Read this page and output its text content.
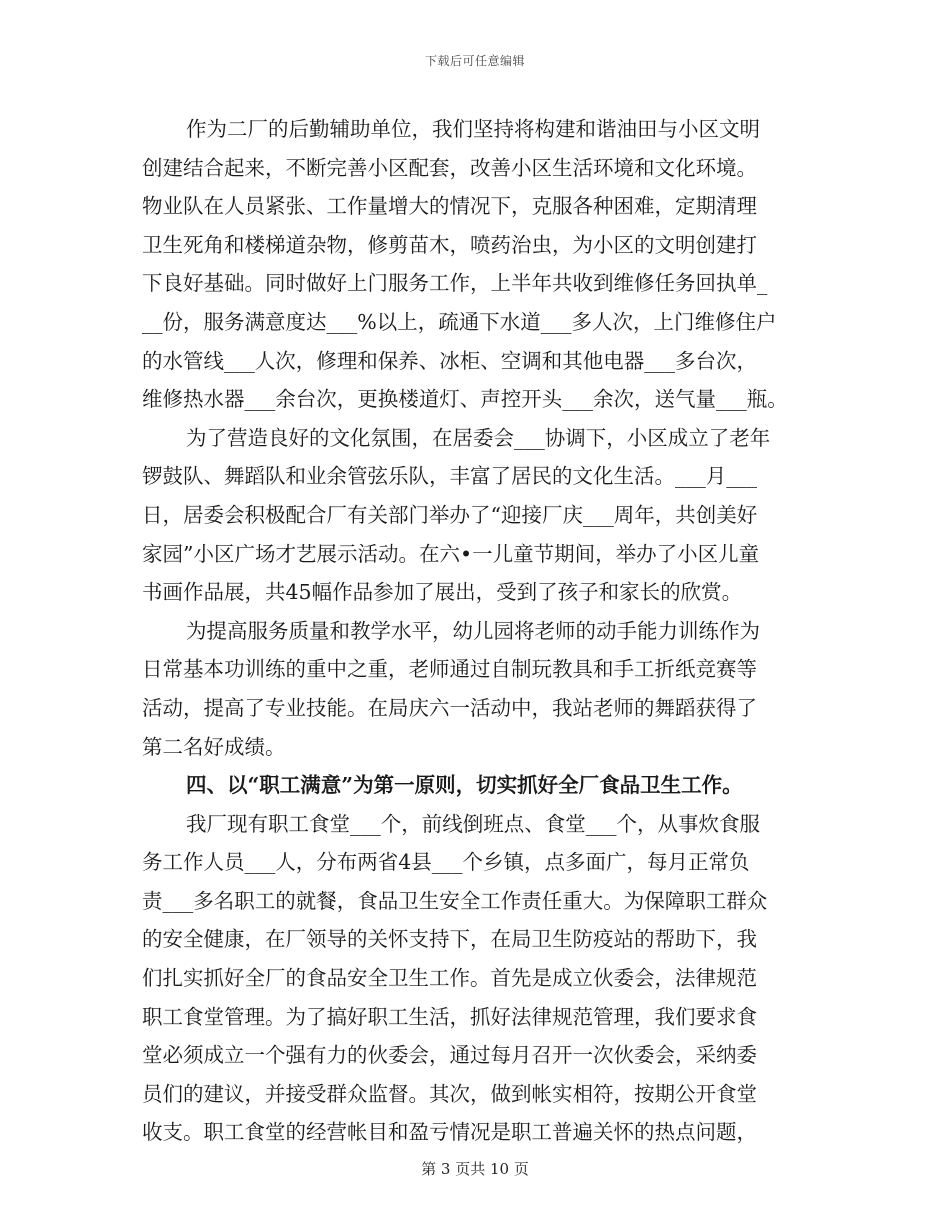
下载后可任意编辑
作为二厂的后勤辅助单位，我们坚持将构建和谐油田与小区文明
创建结合起来，不断完善小区配套，改善小区生活环境和文化环境。
物业队在人员紧张、工作量增大的情况下，克服各种困难，定期清理
卫生死角和楼梯道杂物，修剪苗木，喷药治虫，为小区的文明创建打
下良好基础。同时做好上门服务工作，上半年共收到维修任务回执单_
__份，服务满意度达___%以上，疏通下水道___多人次，上门维修住户
的水管线___人次，修理和保养、冰柜、空调和其他电器___多台次，
维修热水器___余台次，更换楼道灯、声控开头___余次，送气量___瓶。
为了营造良好的文化氛围，在居委会___协调下，小区成立了老年
锣鼓队、舞蹈队和业余管弦乐队，丰富了居民的文化生活。___月___
日，居委会积极配合厂有关部门举办了“迎接厂庆___周年，共创美好
家园”小区广场才艺展示活动。在六•一儿童节期间，举办了小区儿童
书画作品展，共45幅作品参加了展出，受到了孩子和家长的欣赏。
为提高服务质量和教学水平，幼儿园将老师的动手能力训练作为
日常基本功训练的重中之重，老师通过自制玩教具和手工折纸竞赛等
活动，提高了专业技能。在局庆六一活动中，我站老师的舞蹈获得了
第二名好成绩。
四、以“职工满意”为第一原则，切实抓好全厂食品卫生工作。
我厂现有职工食堂___个，前线倒班点、食堂___个，从事炊食服
务工作人员___人，分布两省4县___个乡镇，点多面广，每月正常负
责___多名职工的就餐，食品卫生安全工作责任重大。为保障职工群众
的安全健康，在厂领导的关怀支持下，在局卫生防疫站的帮助下，我
们扎实抓好全厂的食品安全卫生工作。首先是成立伙委会，法律规范
职工食堂管理。为了搞好职工生活，抓好法律规范管理，我们要求食
堂必须成立一个强有力的伙委会，通过每月召开一次伙委会，采纳委
员们的建议，并接受群众监督。其次，做到帐实相符，按期公开食堂
收支。职工食堂的经营帐目和盈亏情况是职工普遍关怀的热点问题，
第 3 页共 10 页
